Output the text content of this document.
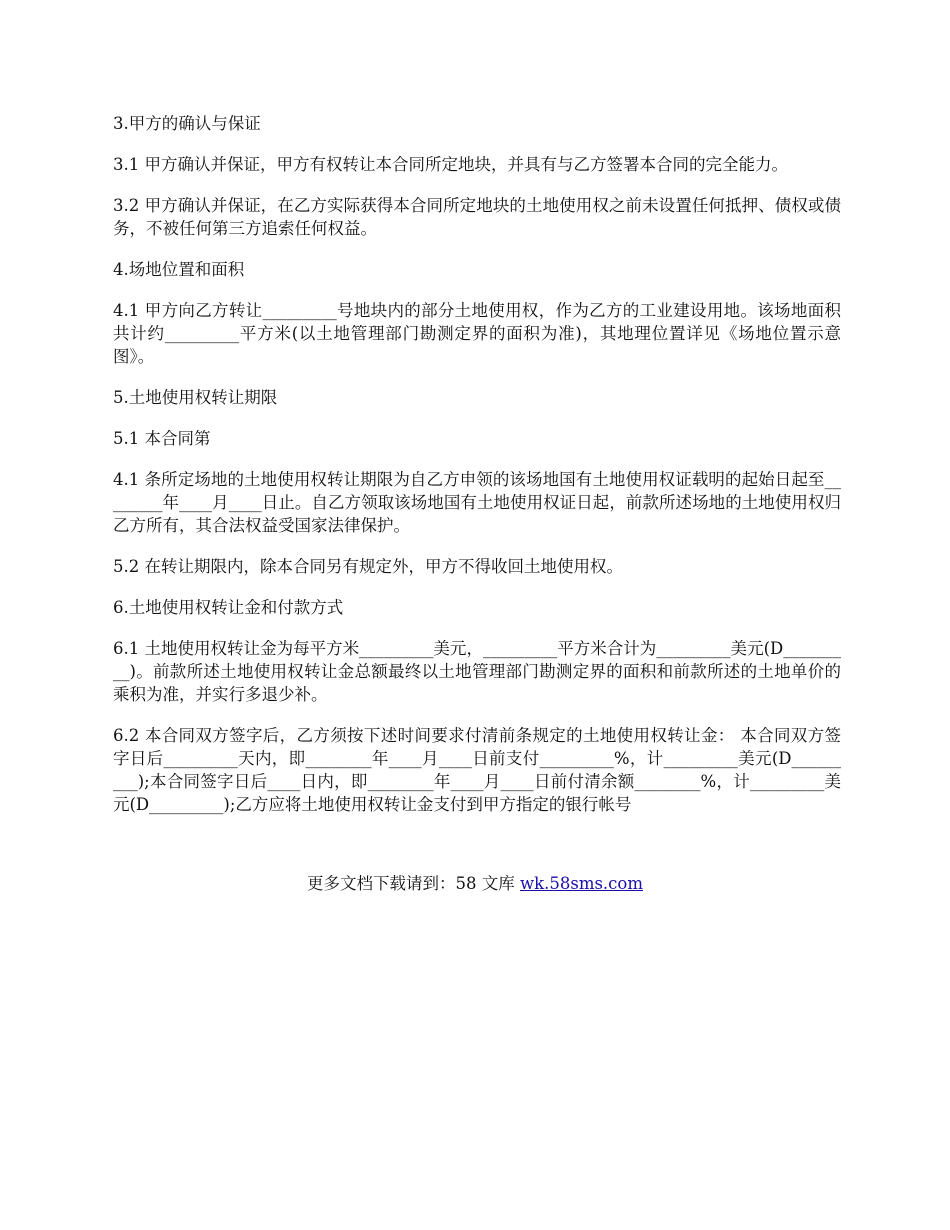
3.甲方的确认与保证

3.1 甲方确认并保证，甲方有权转让本合同所定地块，并具有与乙方签署本合同的完全能力。

3.2 甲方确认并保证，在乙方实际获得本合同所定地块的土地使用权之前未设置任何抵押、债权或债务，不被任何第三方追索任何权益。

4.场地位置和面积

4.1 甲方向乙方转让_________号地块内的部分土地使用权，作为乙方的工业建设用地。该场地面积共计约_________平方米(以土地管理部门勘测定界的面积为准)，其地理位置详见《场地位置示意图》。

5.土地使用权转让期限

5.1 本合同第

4.1 条所定场地的土地使用权转让期限为自乙方申领的该场地国有土地使用权证载明的起始日起至________年____月____日止。自乙方领取该场地国有土地使用权证日起，前款所述场地的土地使用权归乙方所有，其合法权益受国家法律保护。

5.2 在转让期限内，除本合同另有规定外，甲方不得收回土地使用权。

6.土地使用权转让金和付款方式

6.1 土地使用权转让金为每平方米_________美元，_________平方米合计为_________美元(D_________)。前款所述土地使用权转让金总额最终以土地管理部门勘测定界的面积和前款所述的土地单价的乘积为准，并实行多退少补。

6.2 本合同双方签字后，乙方须按下述时间要求付清前条规定的土地使用权转让金： 本合同双方签字日后_________天内，即________年____月____日前支付_________%，计_________美元(D_________);本合同签字日后____日内，即________年____月____日前付清余额________%，计_________美元(D_________);乙方应将土地使用权转让金支付到甲方指定的银行帐号

更多文档下载请到：58 文库 wk.58sms.com
